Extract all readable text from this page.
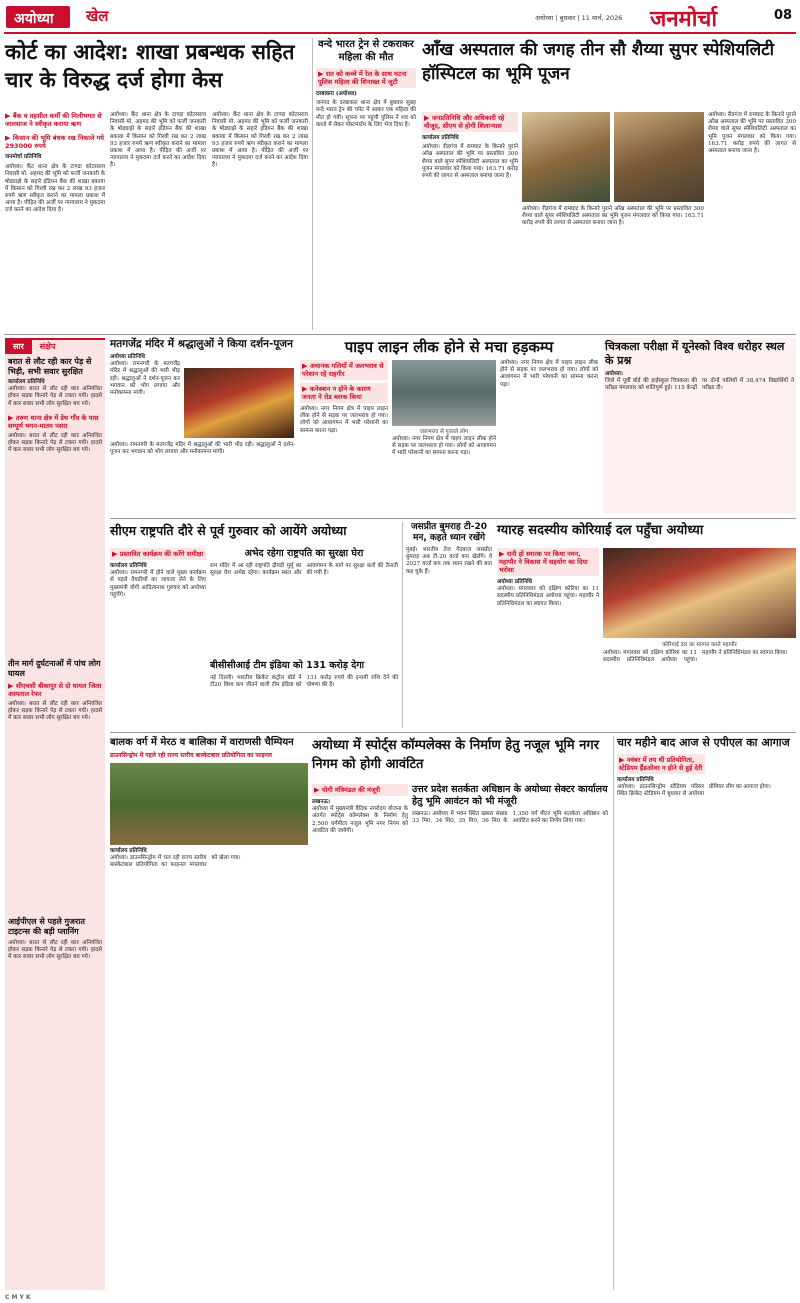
अयोध्या खेल	अयोध्या | बुधवार | 11 मार्च, 2026 जनमोर्चा	08
कोर्ट का आदेश: शाखा प्रबन्धक सहित चार के विरुद्ध दर्ज होगा केस
▶ बैंक व तहसील कर्मी की मिलीभगत से जालसाज ने स्वीकृत कराया ऋण
▶ किसान की भूमि बंधक रख निकाले गये 293000 रुपये
जनमोर्चा प्रतिनिधि
अयोध्या। कैंट थाना क्षेत्र के टाण्डा कोटसराय निवासी मो. अहमद की भूमि को फर्जी जनकारी के षोड्याझे के सहारे इंडियन बैंक की शाखा बकाया में किसान को गिरवी रख कर 2 लाख 93 हजार रुपये ऋण स्वीकृत कराने का मामला प्रकाश में आया है। पीड़ित की अर्जी पर न्यायालय ने मुकदमा दर्ज करने का आदेश दिया है।
अयोध्या। कैंट थाना क्षेत्र के टाण्डा कोटसराय निवासी मो. अहमद की भूमि को फर्जी जनकारी के षोड्याझे के सहारे इंडियन बैंक की शाखा बकाया में किसान को गिरवी रख कर 2 लाख 93 हजार रुपये ऋण स्वीकृत कराने का मामला प्रकाश में आया है। पीड़ित की अर्जी पर न्यायालय ने मुकदमा दर्ज करने का आदेश दिया है।
अयोध्या। कैंट थाना क्षेत्र के टाण्डा कोटसराय निवासी मो. अहमद की भूमि को फर्जी जनकारी के षोड्याझे के सहारे इंडियन बैंक की शाखा बकाया में किसान को गिरवी रख कर 2 लाख 93 हजार रुपये ऋण स्वीकृत कराने का मामला प्रकाश में आया है। पीड़ित की अर्जी पर न्यायालय ने मुकदमा दर्ज करने का आदेश दिया है।
वन्दे भारत ट्रेन से टकराकर महिला की मौत
▶ रात को कच्चे में रेल के साथ घटना पुलिस महिला की शिनाख्त में जुटी
दरबाकरा (अयोध्या)
जनपद के दरबाकरा थाना क्षेत्र में बुधवार सुबह वन्दे भारत ट्रेन की चपेट में आकर एक महिला की मौत हो गयी। सूचना पर पहुंची पुलिस ने शव को कब्जे में लेकर पोस्टमार्टम के लिए भेज दिया है।
आँख अस्पताल की जगह तीन सौ शैय्या सुपर स्पेशियलिटी हॉस्पिटल का भूमि पूजन
▶ जनप्रतिनिधि और अधिकारी रहे मौजूद, सीएम से होगी शिलान्यास
कार्यालय प्रतिनिधि
अयोध्या। रीडगंज में रामघाट के किनारे पुराने आँख अस्पताल की भूमि पर प्रस्तावित 300 शैय्या वाले सुपर स्पेशियलिटी अस्पताल का भूमि पूजन मंगलवार को किया गया। 163.71 करोड़ रुपये की लागत से अस्पताल बनाया जाना है।
अयोध्या। रीडगंज में रामघाट के किनारे पुराने आँख अस्पताल की भूमि पर प्रस्तावित 300 शैय्या वाले सुपर स्पेशियलिटी अस्पताल का भूमि पूजन मंगलवार को किया गया। 163.71 करोड़ रुपये की लागत से अस्पताल बनाया जाना है।
अयोध्या। रीडगंज में रामघाट के किनारे पुराने आँख अस्पताल की भूमि पर प्रस्तावित 300 शैय्या वाले सुपर स्पेशियलिटी अस्पताल का भूमि पूजन मंगलवार को किया गया। 163.71 करोड़ रुपये की लागत से अस्पताल बनाया जाना है।
सार	संक्षेप
बरात से लौट रही कार पेड़ से भिड़ी, सभी सवार सुरक्षित
कार्यालय प्रतिनिधि
अयोध्या। बरात से लौट रही कार अनियंत्रित होकर सड़क किनारे पेड़ से टकरा गयी। हादसे में कार सवार सभी लोग सुरक्षित बच गये।
▶ तरुण थाना क्षेत्र में डेथ गाँव के पास सम्पूर्ण भगन-मातम पसरा
अयोध्या। बरात से लौट रही कार अनियंत्रित होकर सड़क किनारे पेड़ से टकरा गयी। हादसे में कार सवार सभी लोग सुरक्षित बच गये।
तीन मार्ग दुर्घटनाओं में पांच लोग घायल
▶ सीएचसी बीकापुर से दो घायल जिला अस्पताल रेफर
अयोध्या। बरात से लौट रही कार अनियंत्रित होकर सड़क किनारे पेड़ से टकरा गयी। हादसे में कार सवार सभी लोग सुरक्षित बच गये।
आईपीएल से पहले गुजरात टाइटन्स की बड़ी प्लानिंग
अयोध्या। बरात से लौट रही कार अनियंत्रित होकर सड़क किनारे पेड़ से टकरा गयी। हादसे में कार सवार सभी लोग सुरक्षित बच गये।
मतगजेंद्र मंदिर में श्रद्धालुओं ने किया दर्शन-पूजन
अयोध्या प्रतिनिधि
अयोध्या। रामनगरी के मतगजेंद्र मंदिर में श्रद्धालुओं की भारी भीड़ रही। श्रद्धालुओं ने दर्शन-पूजन कर भगवान को भोग लगाया और मनोकामना मांगी।
अयोध्या। रामनगरी के मतगजेंद्र मंदिर में श्रद्धालुओं की भारी भीड़ रही। श्रद्धालुओं ने दर्शन-पूजन कर भगवान को भोग लगाया और मनोकामना मांगी।
पाइप लाइन लीक होने से मचा हड़कम्प
▶ अचानक गलियों में जलभराव से परेशान रहे राहगीर
▶ कनेक्शन न होने के कारण जनता ने रोड ब्लाक किया
अयोध्या। नगर निगम क्षेत्र में पाइप लाइन लीक होने से सड़क पर जलभराव हो गया। लोगों को आवागमन में भारी परेशानी का सामना करना पड़ा।	जलभराव से गुजरते लोग
अयोध्या। नगर निगम क्षेत्र में पाइप लाइन लीक होने से सड़क पर जलभराव हो गया। लोगों को आवागमन में भारी परेशानी का सामना करना पड़ा।
अयोध्या। नगर निगम क्षेत्र में पाइप लाइन लीक होने से सड़क पर जलभराव हो गया। लोगों को आवागमन में भारी परेशानी का सामना करना पड़ा।
चित्रकला परीक्षा में यूनेस्को विश्व धरोहर स्थल के प्रश्न
अयोध्या।
जिले में पूर्वी बोर्ड की हाईस्कूल चित्रकला की परीक्षा मंगलवार को शांतिपूर्ण हुई। 115 केन्द्रों पर दोनों पालियों में 38,474 विद्यार्थियों ने परीक्षा दी।
सीएम राष्ट्रपति दौरे से पूर्व गुरुवार को आयेंगे अयोध्या
▶ प्रस्तावित कार्यक्रम की करेंगे समीक्षा
कार्यालय प्रतिनिधि
अयोध्या। रामनगरी में होने वाले मुख्य कार्यक्रम से पहले तैयारियों का जायजा लेने के लिए मुख्यमंत्री योगी आदित्यनाथ गुरुवार को अयोध्या पहुंचेंगे।
अभेद रहेगा राष्ट्रपति का सुरक्षा घेरा
राम मंदिर में आ रही राष्ट्रपति द्रौपदी मुर्मू का सुरक्षा घेरा अभेद्य रहेगा। कार्यक्रम स्थल और आवागमन के मार्ग पर सुरक्षा बलों की तैनाती की गयी है।
बीसीसीआई टीम इंडिया को 131 करोड़ देगा
नई दिल्ली। भारतीय क्रिकेट कंट्रोल बोर्ड ने टी20 विश्व कप जीतने वाली टीम इंडिया को 131 करोड़ रुपये की इनामी राशि देने की घोषणा की है।
जसप्रीत बुमराह टी-20 मन, कहते ध्यान रखेंगे
मुंबई। भारतीय तेज गेंदबाज जसप्रीत बुमराह अब टी-20 वर्ल्ड कप खेलेंगे। वे 2027 वर्ल्ड कप तक ध्यान रखने की बात कह चुके हैं।
ग्यारह सदस्यीय कोरियाई दल पहुँचा अयोध्या
▶ रानी हो स्मारक पर किया नमन, महापौर ने विकास में सहयोग का दिया भरोसा
अयोध्या प्रतिनिधि
अयोध्या। मंगलवार को दक्षिण कोरिया का 11 सदस्यीय प्रतिनिधिमंडल अयोध्या पहुंचा। महापौर ने प्रतिनिधिमंडल का स्वागत किया।
कोरियाई दल का स्वागत करते महापौर
अयोध्या। मंगलवार को दक्षिण कोरिया का 11 सदस्यीय प्रतिनिधिमंडल अयोध्या पहुंचा। महापौर ने प्रतिनिधिमंडल का स्वागत किया।
बालक वर्ग में मेरठ व बालिका में वाराणसी चैम्पियन
डाउनसिन्ड्रोम में पहले रही राज्य स्तरीय बास्केटबाल प्रतियोगिता का फाइनल
कार्यालय प्रतिनिधि
अयोध्या। डाउनसिन्ड्रोम में चल रही राज्य स्तरीय बास्केटबाल प्रतियोगिता का फाइनल मंगलवार को खेला गया।
अयोध्या में स्पोर्ट्स कॉम्पलेक्स के निर्माण हेतु नजूल भूमि नगर निगम को होगी आवंटित
▶ योगी मंत्रिमंडल की मंजूरी
लखनऊ।
अयोध्या में मुख्यमंत्री वैदिक नगरोदय योजना के अंतर्गत स्पोर्ट्स कॉम्प्लेक्स के निर्माण हेतु 2,500 वर्गमीटर नजूल भूमि नगर निगम को आवंटित की जायेगी।
उत्तर प्रदेश सतर्कता अधिष्ठान के अयोध्या सेक्टर कार्यालय हेतु भूमि आवंटन को भी मंजूरी
लखनऊ। अयोध्या में भवन स्थित खसरा संख्या 33 मि0, 34 मि0, 35 मि0, 36 मि0 के 1,350 वर्ग मीटर भूमि सतर्कता अधिष्ठान को आवंटित करने का निर्णय लिया गया।
चार महीने बाद आज से एपीएल का आगाज
▶ नवंबर में तय थी प्रतियोगिता, स्टेडियम हैंडओवर न होने से हुई देरी
कार्यालय प्रतिनिधि
अयोध्या। डाउनसिन्ड्रोम स्टेडियम परिसर स्थित क्रिकेट स्टेडियम में बुधवार से अयोध्या प्रीमियर लीग का आगाज होगा।
C M Y K
